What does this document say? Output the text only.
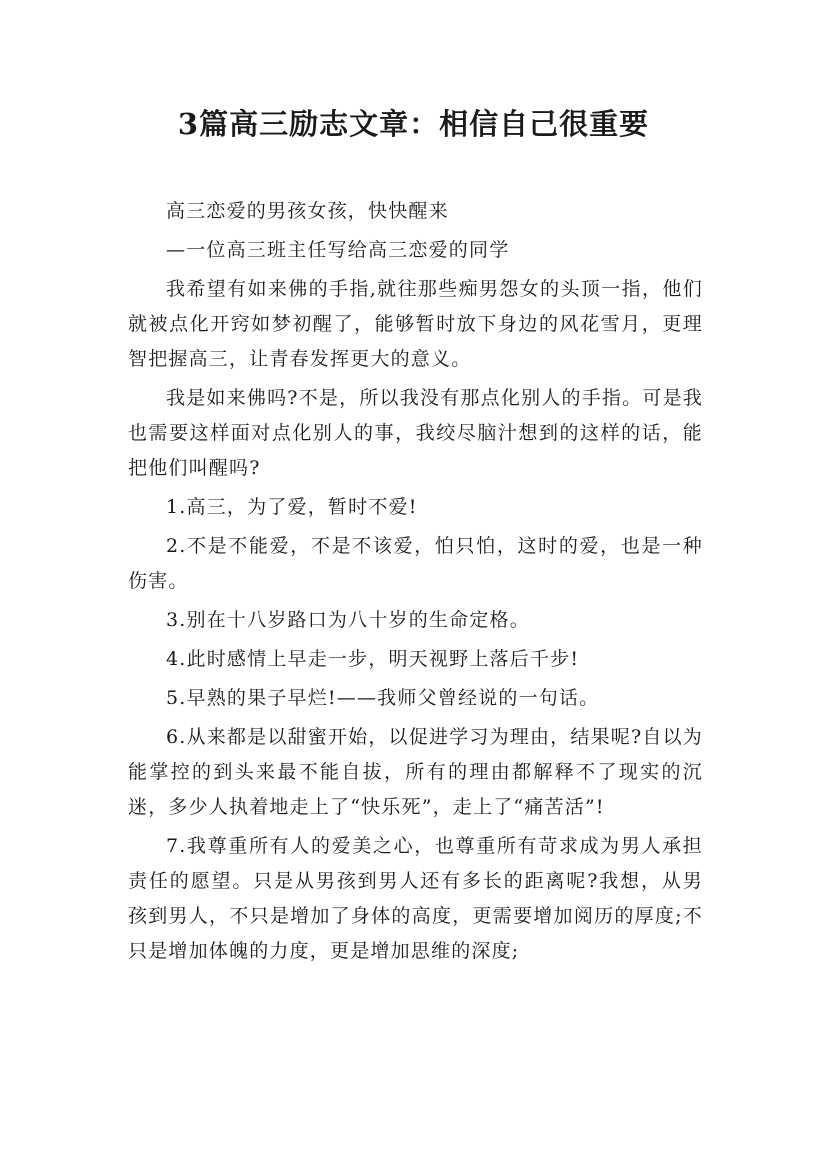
3篇高三励志文章：相信自己很重要

高三恋爱的男孩女孩，快快醒来

—一位高三班主任写给高三恋爱的同学

我希望有如来佛的手指,就往那些痴男怨女的头顶一指，他们就被点化开窍如梦初醒了，能够暂时放下身边的风花雪月，更理智把握高三，让青春发挥更大的意义。

我是如来佛吗?不是，所以我没有那点化别人的手指。可是我也需要这样面对点化别人的事，我绞尽脑汁想到的这样的话，能把他们叫醒吗?

1.高三，为了爱，暂时不爱!

2.不是不能爱，不是不该爱，怕只怕，这时的爱，也是一种伤害。

3.别在十八岁路口为八十岁的生命定格。

4.此时感情上早走一步，明天视野上落后千步!

5.早熟的果子早烂!——我师父曾经说的一句话。

6.从来都是以甜蜜开始，以促进学习为理由，结果呢?自以为能掌控的到头来最不能自拔，所有的理由都解释不了现实的沉迷，多少人执着地走上了“快乐死”，走上了“痛苦活”!

7.我尊重所有人的爱美之心，也尊重所有苛求成为男人承担责任的愿望。只是从男孩到男人还有多长的距离呢?我想，从男孩到男人，不只是增加了身体的高度，更需要增加阅历的厚度;不只是增加体魄的力度，更是增加思维的深度;
